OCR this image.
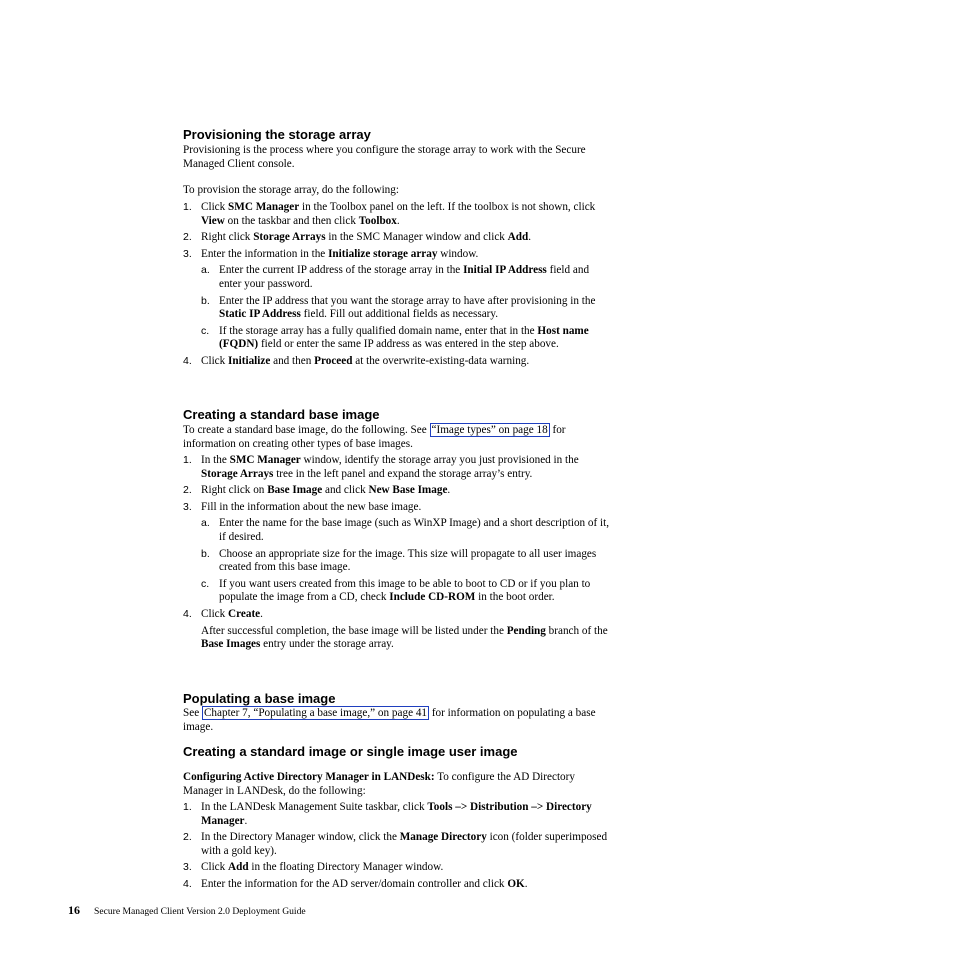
Provisioning the storage array

Provisioning is the process where you configure the storage array to work with the Secure Managed Client console.

To provision the storage array, do the following:

1. Click SMC Manager in the Toolbox panel on the left. If the toolbox is not shown, click View on the taskbar and then click Toolbox.
2. Right click Storage Arrays in the SMC Manager window and click Add.
3. Enter the information in the Initialize storage array window.
a. Enter the current IP address of the storage array in the Initial IP Address field and enter your password.
b. Enter the IP address that you want the storage array to have after provisioning in the Static IP Address field. Fill out additional fields as necessary.
c. If the storage array has a fully qualified domain name, enter that in the Host name (FQDN) field or enter the same IP address as was entered in the step above.
4. Click Initialize and then Proceed at the overwrite-existing-data warning.
Creating a standard base image

To create a standard base image, do the following. See “Image types” on page 18 for information on creating other types of base images.

1. In the SMC Manager window, identify the storage array you just provisioned in the Storage Arrays tree in the left panel and expand the storage array’s entry.
2. Right click on Base Image and click New Base Image.
3. Fill in the information about the new base image.
a. Enter the name for the base image (such as WinXP Image) and a short description of it, if desired.
b. Choose an appropriate size for the image. This size will propagate to all user images created from this base image.
c. If you want users created from this image to be able to boot to CD or if you plan to populate the image from a CD, check Include CD-ROM in the boot order.
4. Click Create.
After successful completion, the base image will be listed under the Pending branch of the Base Images entry under the storage array.
Populating a base image

See Chapter 7, “Populating a base image,” on page 41 for information on populating a base image.

Creating a standard image or single image user image

Configuring Active Directory Manager in LANDesk: To configure the AD Directory Manager in LANDesk, do the following:

1. In the LANDesk Management Suite taskbar, click Tools –> Distribution –> Directory Manager.
2. In the Directory Manager window, click the Manage Directory icon (folder superimposed with a gold key).
3. Click Add in the floating Directory Manager window.
4. Enter the information for the AD server/domain controller and click OK.
16 Secure Managed Client Version 2.0 Deployment Guide
